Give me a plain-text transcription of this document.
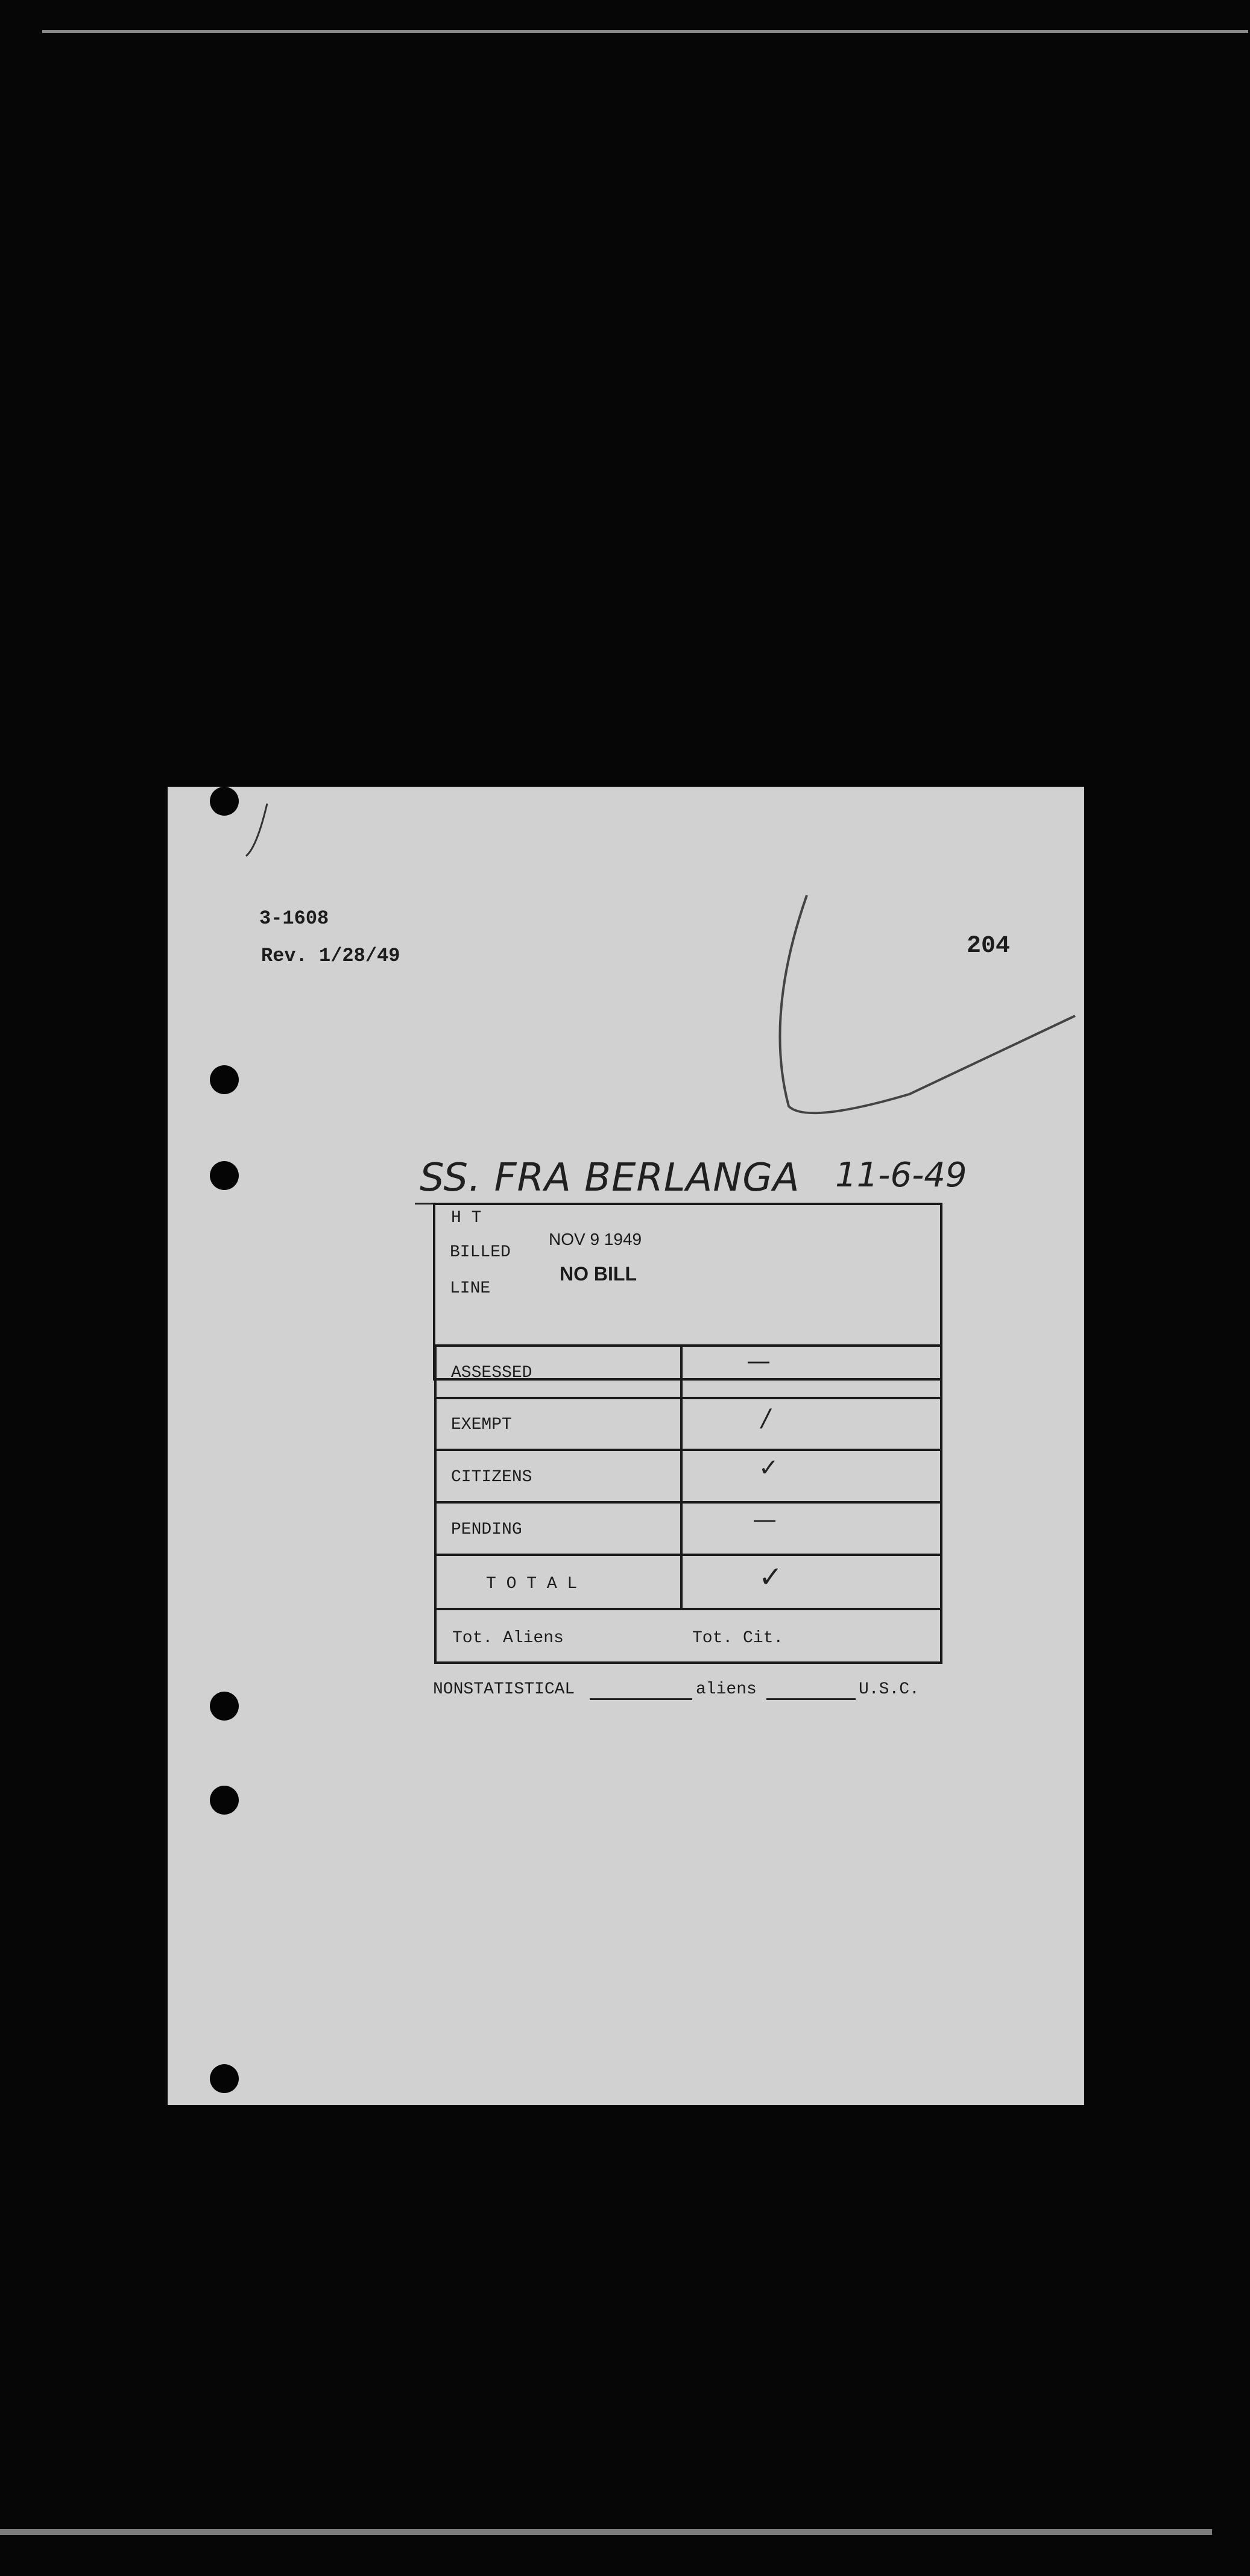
3-1608
Rev. 1/28/49	204
SS. FRA BERLANGA 11-6-49
H T
BILLED
LINE
NOV 9 1949
NO BILL
ASSESSED	—
EXEMPT	/
CITIZENS	✓
PENDING	—
T O T A L	✓
Tot. Aliens	Tot. Cit.
NONSTATISTICAL	aliens	U.S.C.
